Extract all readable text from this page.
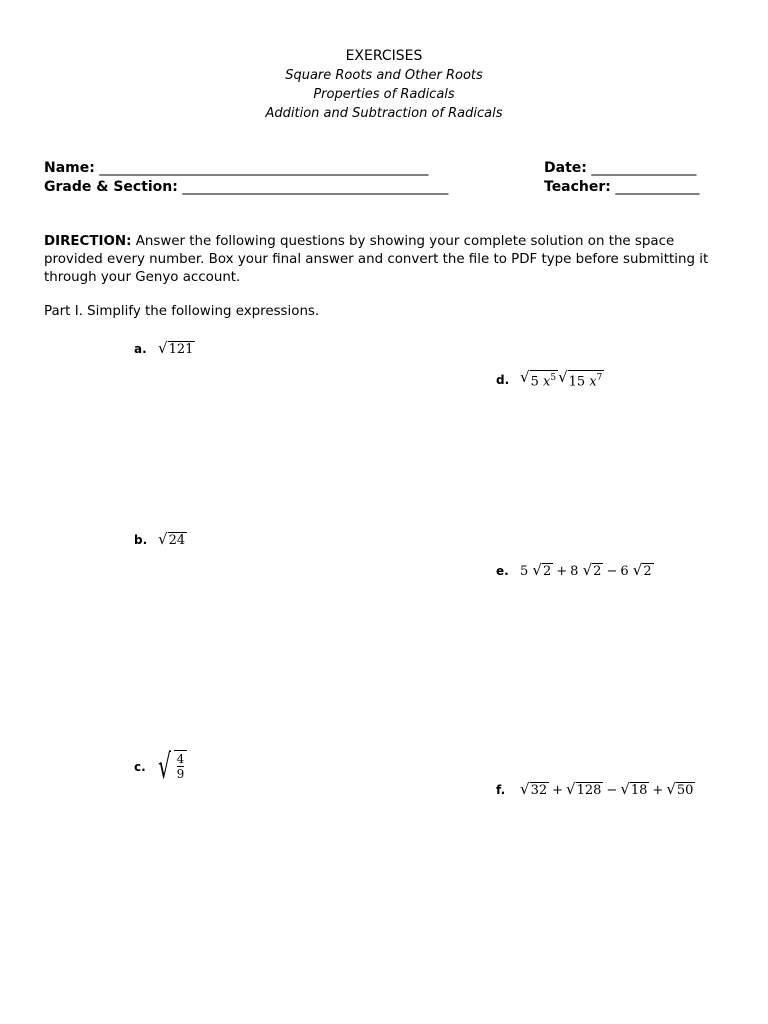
EXERCISES
Square Roots and Other Roots
Properties of Radicals
Addition and Subtraction of Radicals
Name: _______________________________________________	Date: _______________
Grade & Section: ______________________________________	Teacher: ____________
DIRECTION: Answer the following questions by showing your complete solution on the space provided every number. Box your final answer and convert the file to PDF type before submitting it through your Genyo account.
Part I. Simplify the following expressions.
a. √ 121
d. √ 5 $x^5$ √ 15 $x^7$
b. √ 24
e. 5
√ 2 + 8
√ 2 − 6
√ 2
c. √ $\frac{4}{9}$
f. √ 32 + √ 128 − √ 18 + √ 50
